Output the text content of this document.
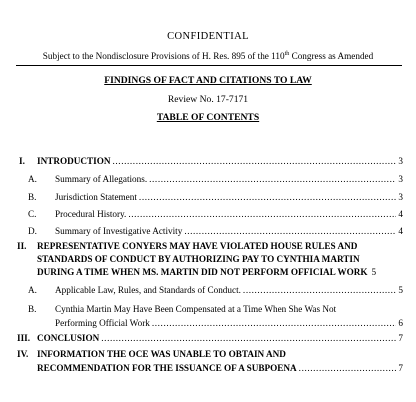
CONFIDENTIAL
Subject to the Nondisclosure Provisions of H. Res. 895 of the 110th Congress as Amended
FINDINGS OF FACT AND CITATIONS TO LAW
Review No. 17-7171
TABLE OF CONTENTS
I. INTRODUCTION .....	3
A. Summary of Allegations. .....	3
B. Jurisdiction Statement .....	3
C. Procedural History. .....	4
D. Summary of Investigative Activity .....	4
II. REPRESENTATIVE CONYERS MAY HAVE VIOLATED HOUSE RULES AND
STANDARDS OF CONDUCT BY AUTHORIZING PAY TO CYNTHIA MARTIN
DURING A TIME WHEN MS. MARTIN DID NOT PERFORM OFFICIAL WORK 5
A. Applicable Law, Rules, and Standards of Conduct. .....	5
B. Cynthia Martin May Have Been Compensated at a Time When She Was Not
Performing Official Work .....	6
III. CONCLUSION .....	7
IV. INFORMATION THE OCE WAS UNABLE TO OBTAIN AND
RECOMMENDATION FOR THE ISSUANCE OF A SUBPOENA .....	7
